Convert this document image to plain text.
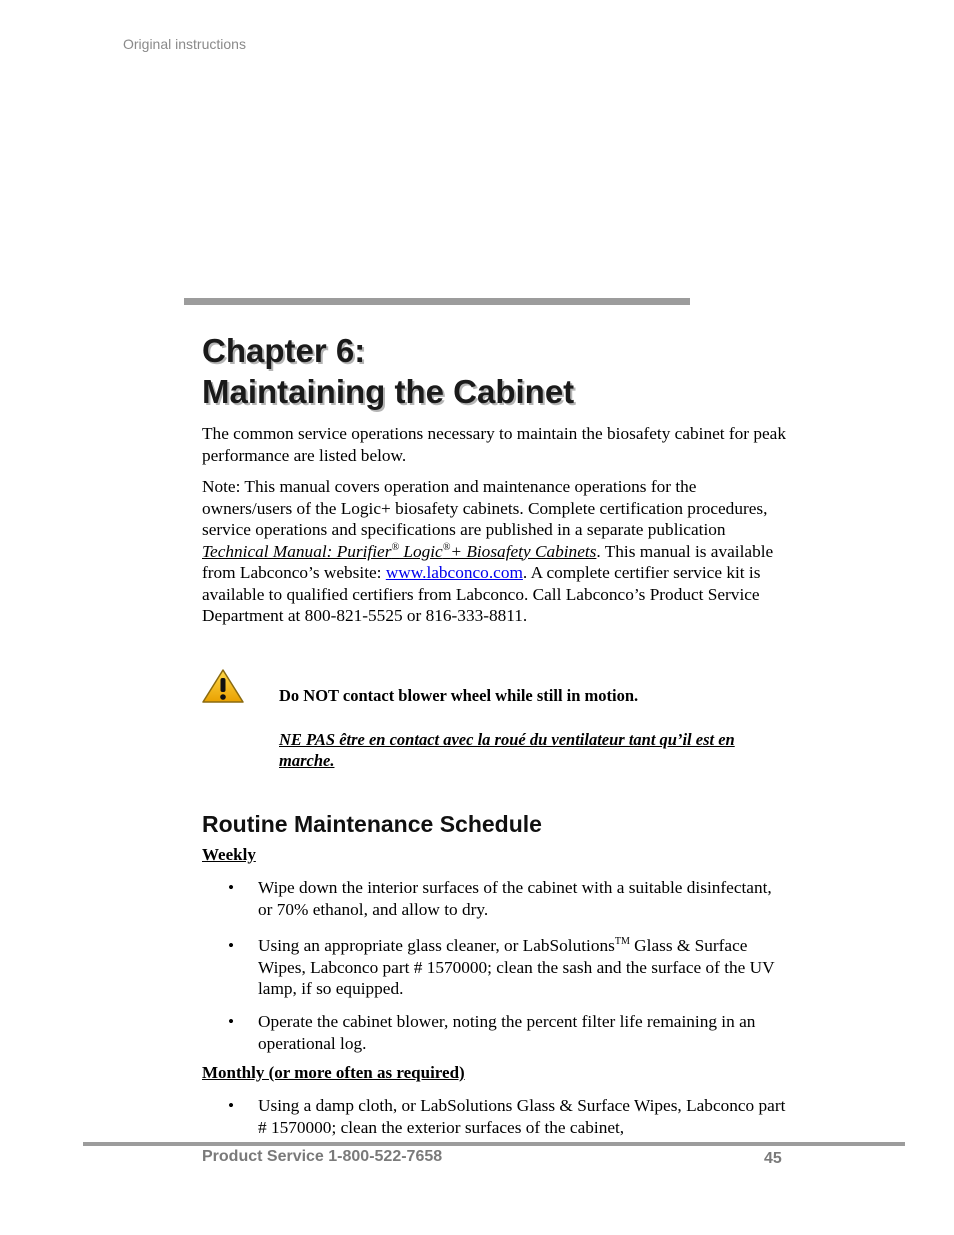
Original instructions
Chapter 6:
Maintaining the Cabinet

The common service operations necessary to maintain the biosafety cabinet for peak performance are listed below.

Note: This manual covers operation and maintenance operations for the owners/users of the Logic+ biosafety cabinets. Complete certification procedures, service operations and specifications are published in a separate publication Technical Manual: Purifier® Logic®+ Biosafety Cabinets. This manual is available from Labconco’s website: www.labconco.com. A complete certifier service kit is available to qualified certifiers from Labconco. Call Labconco’s Product Service Department at 800-821-5525 or 816-333-8811.

Do NOT contact blower wheel while still in motion.
NE PAS être en contact avec la roué du ventilateur tant qu’il est en marche.
Routine Maintenance Schedule
Weekly
• Wipe down the interior surfaces of the cabinet with a suitable disinfectant, or 70% ethanol, and allow to dry.
• Using an appropriate glass cleaner, or LabSolutions™ Glass & Surface Wipes, Labconco part # 1570000; clean the sash and the surface of the UV lamp, if so equipped.
• Operate the cabinet blower, noting the percent filter life remaining in an operational log.
Monthly (or more often as required)
• Using a damp cloth, or LabSolutions Glass & Surface Wipes, Labconco part # 1570000; clean the exterior surfaces of the cabinet,
Product Service 1-800-522-7658	45
